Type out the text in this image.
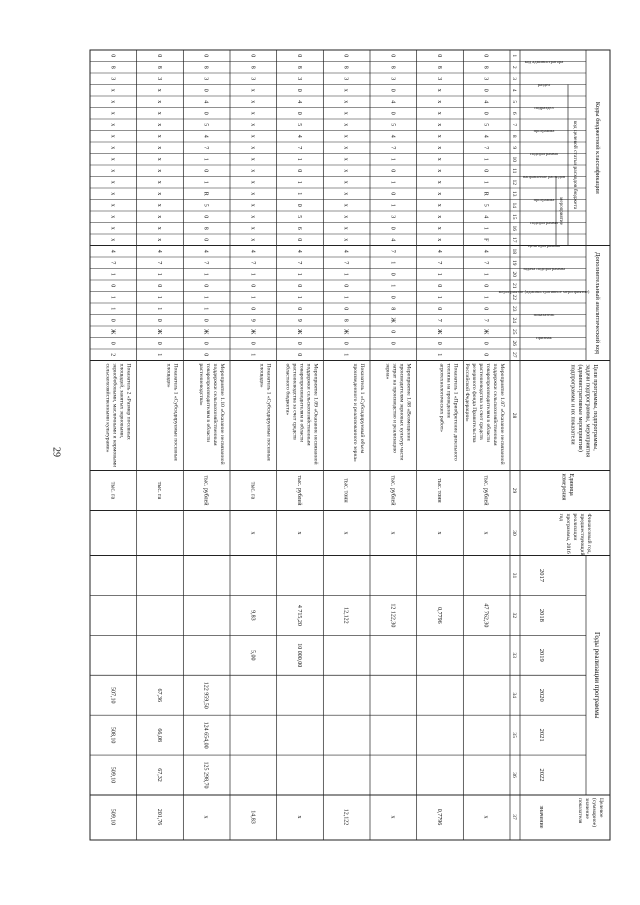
29
Коды бюджетной классификации
Дополнительный аналитический код
код целевой статьи расходов бюджета
мероприятие
Цели программы, подпрограммы,задачи подпрограммы, мероприятия(административные мероприятия)подпрограммы и их показатели
Единицаизмерения
Финансовый год,предшествующийреализациипрограммы, 2016год
Годы реализации программы
Целевое(суммарное)значениепоказателя
значение
2017
2018
2019
2020
2021
2022
код администратора
раздел
подраздел
программа
подпрограмма
направление расходов
программа
подпрограмма
цель программы
задача подпрограммы
мероприятие (административное мероприятие)
показатель
признак
1
2
3
4
5
6
7
8
9
10
11
12
13
14
15
16
17
18
19
20
21
22
23
24
25
26
27
28
29
30
31
32
33
34
35
36
37
0
8
3
0
4
0
5
4
7
1
0
1
R
5
4
1
F
4
7
1
0
1
0
7
Ж
0
0
Мероприятие 1.07 «Оказание несвязаннойподдержки сельскохозяйственнымтоваропроизводителям в областирастениеводства за счет средстврезервного фонда ПравительстваРоссийской Федерации»
тыс. рублей
x
47 762,30
x
0
8
3
x
x
x
x
x
x
x
x
x
x
x
x
x
x
4
7
1
0
1
0
7
Ж
0
1
Показатель 1 «Приобретение дизельноготоплива на проведениеагротехнологических работ»
тыс. тонн
x
0,7796
0,7796
0
8
3
0
4
0
5
4
7
1
0
1
0
1
3
0
4
7
1
0
1
0
8
Ж
0
0
Мероприятие 1.08 «Возмещениепроизводителям зерновых культур частизатрат на производство и реализациюзерна»
тыс. рублей
x
12 122,30
x
0
8
3
x
x
x
x
x
x
x
x
x
x
x
x
x
x
4
7
1
0
1
0
8
Ж
0
1
Показатель 1 «Субсидируемый объемпроизведенного и реализованного зерна»
тыс. тонн
x
12,122
12,122
0
8
3
0
4
0
5
4
7
1
0
1
1
0
5
6
0
4
7
1
0
1
0
9
Ж
0
0
Мероприятие 1.09 «Оказание несвязаннойподдержки сельскохозяйственнымтоваропроизводителям в областирастениеводства за счет средствобластного бюджета»
тыс. рублей
x
4 715,20
10 000,00
x
0
8
3
x
x
x
x
x
x
x
x
x
x
x
x
x
x
4
7
1
0
1
0
9
Ж
0
1
Показатель 1 «Субсидируемые посевныеплощади»
тыс. га
x
9,83
5,00
14,83
0
8
3
0
4
0
5
4
7
1
0
1
R
5
0
8
0
4
7
1
0
1
1
0
Ж
0
0
Мероприятие 1.10 «Оказание несвязаннойподдержки сельскохозяйственнымтоваропроизводителям в областирастениеводства»
тыс. рублей
122 959,50
124 654,00
125 298,70
x
0
8
3
x
x
x
x
x
x
x
x
x
x
x
x
x
x
4
7
1
0
1
1
0
Ж
0
1
Показатель 1 «Субсидируемые посевныеплощади»
тыс. га
67,36
66,08
67,32
201,76
0
8
3
x
x
x
x
x
x
x
x
x
x
x
x
x
x
4
7
1
0
1
1
0
Ж
0
2
Показатель 2 «Размер посевныхплощадей, занятых зерновыми,зернобобовыми, масличными и кормовымисельскохозяйственными культурами»
тыс. га
507,10
508,10
509,10
509,10
